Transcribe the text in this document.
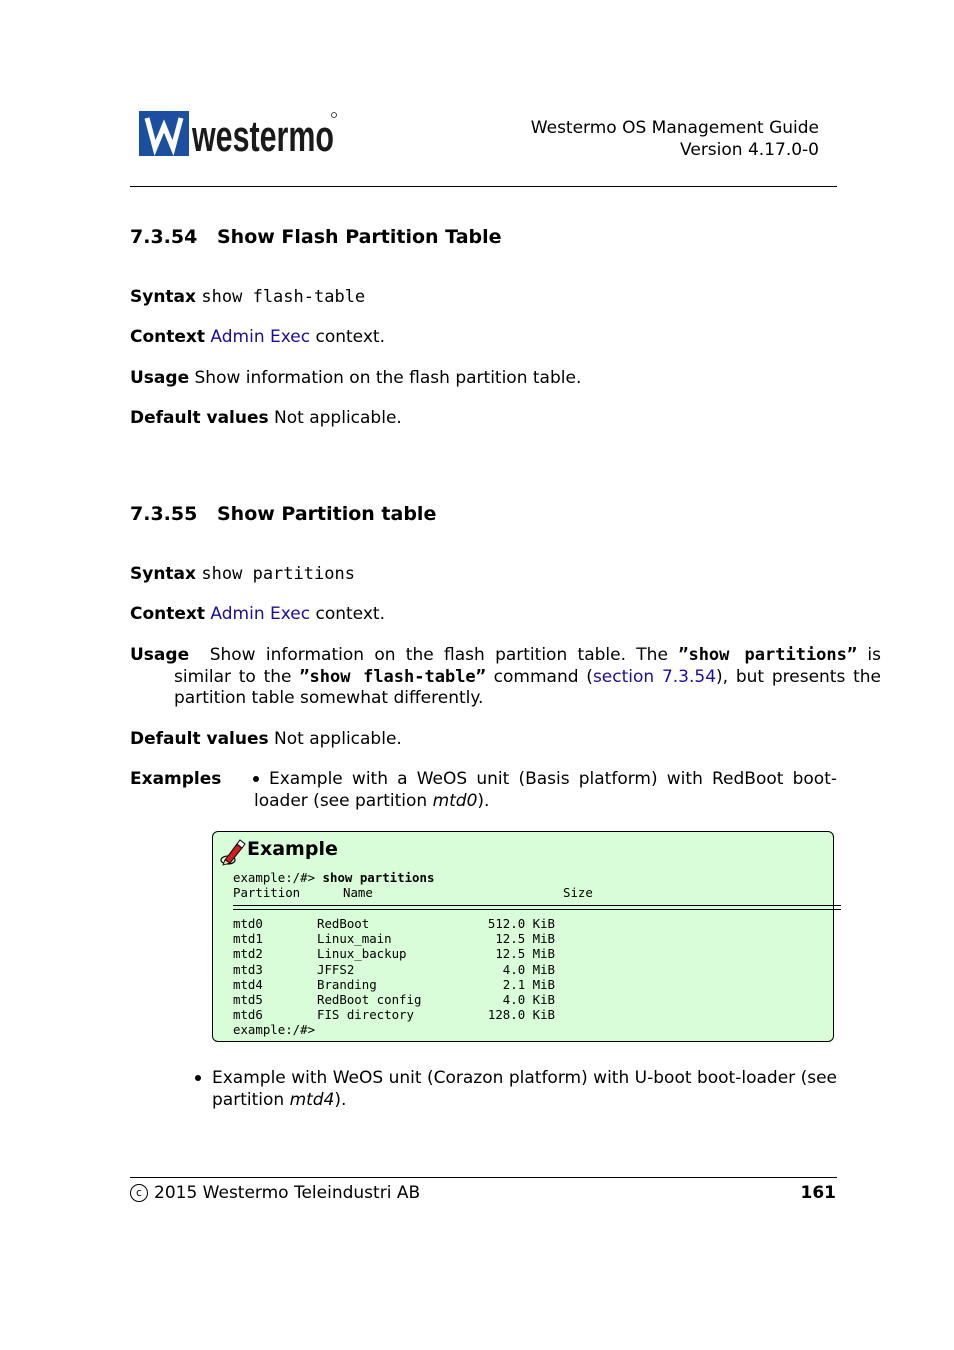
westermo	Westermo OS Management Guide
Version 4.17.0-0
7.3.54 Show Flash Partition Table
Syntax show flash-table
Context Admin Exec context.
Usage Show information on the flash partition table.
Default values Not applicable.
7.3.55 Show Partition table
Syntax show partitions
Context Admin Exec context.
Usage Show information on the flash partition table. The ”show partitions” is similar to the ”show flash-table” command (section 7.3.54), but presents the partition table somewhat differently.
Default values Not applicable.
Examples	Example with a WeOS unit (Basis platform) with RedBoot boot-loader (see partition mtd0).
Example
example:/#> show partitions
Partition	Name	Size
mtd0	RedBoot	512.0 KiB
mtd1	Linux_main	12.5 MiB
mtd2	Linux_backup	12.5 MiB
mtd3	JFFS2	4.0 MiB
mtd4	Branding	2.1 MiB
mtd5	RedBoot config	4.0 KiB
mtd6	FIS directory	128.0 KiB
example:/#>
Example with WeOS unit (Corazon platform) with U-boot boot-loader (see partition mtd4).
c 2015 Westermo Teleindustri AB	161
